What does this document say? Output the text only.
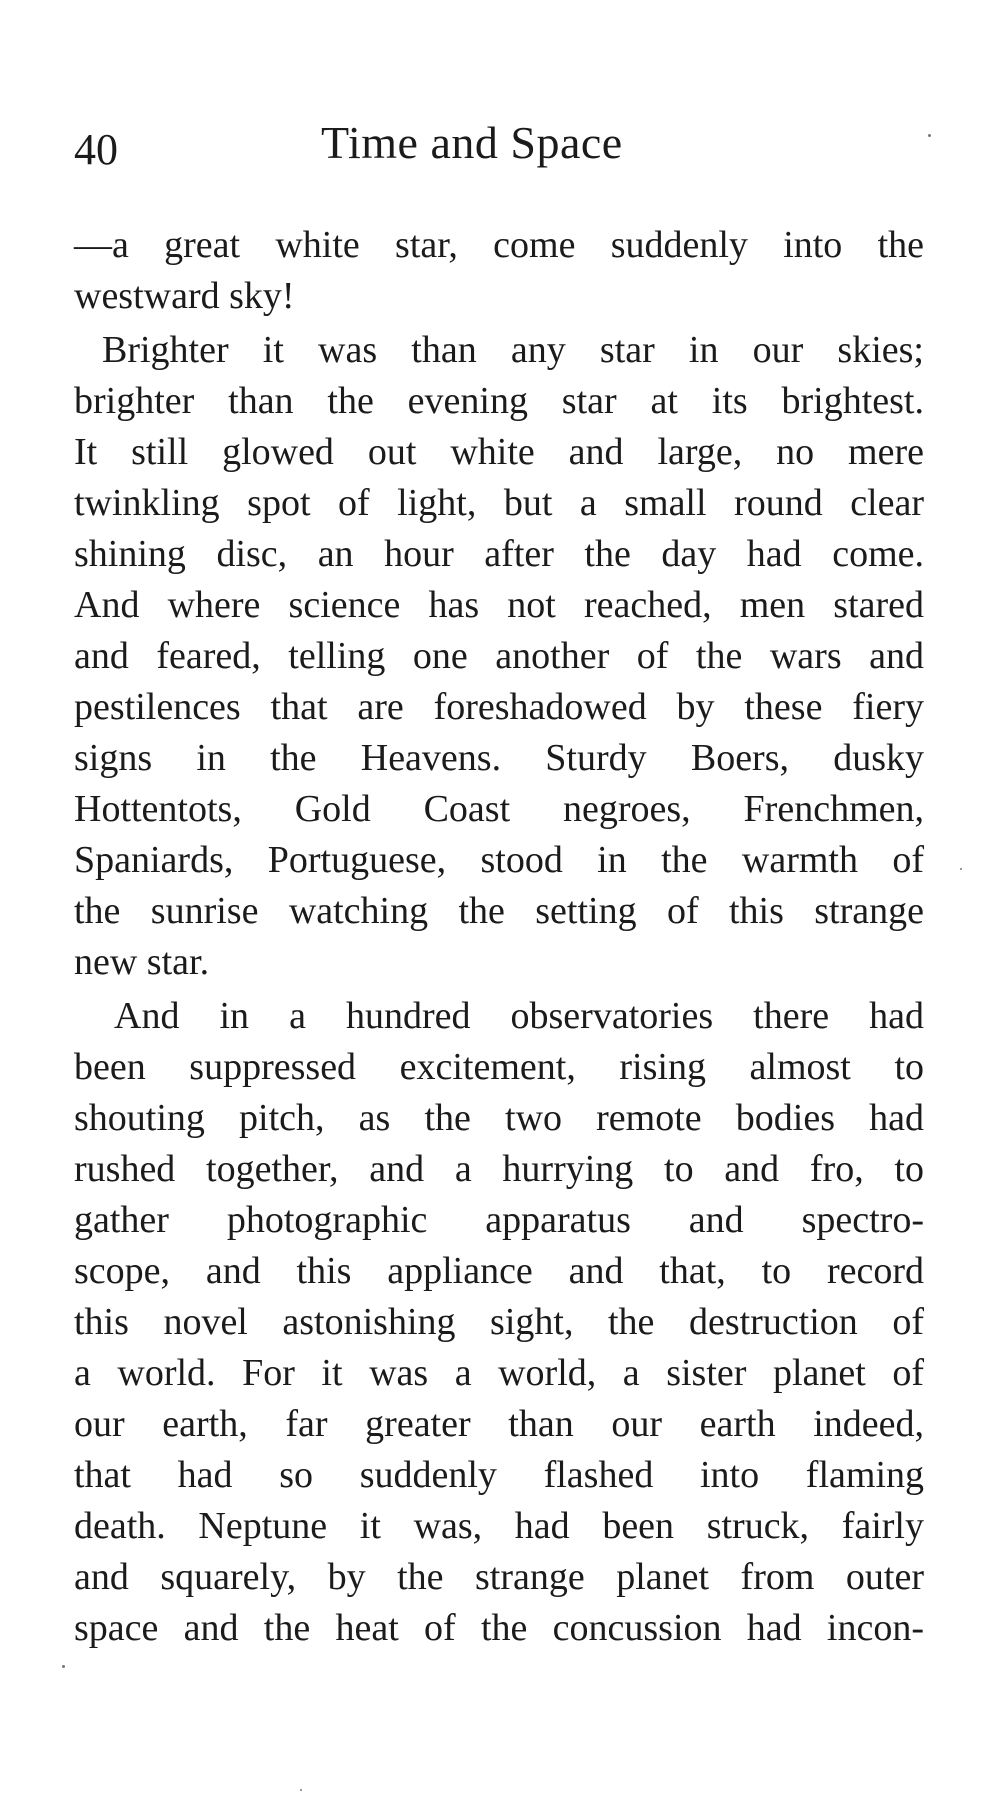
40	Time and Space
—a great white star, come suddenly into the
westward sky!
Brighter it was than any star in our skies;
brighter than the evening star at its brightest.
It still glowed out white and large, no mere
twinkling spot of light, but a small round clear
shining disc, an hour after the day had come.
And where science has not reached, men stared
and feared, telling one another of the wars and
pestilences that are foreshadowed by these fiery
signs in the Heavens. Sturdy Boers, dusky
Hottentots, Gold Coast negroes, Frenchmen,
Spaniards, Portuguese, stood in the warmth of
the sunrise watching the setting of this strange
new star.
And in a hundred observatories there had
been suppressed excitement, rising almost to
shouting pitch, as the two remote bodies had
rushed together, and a hurrying to and fro, to
gather photographic apparatus and spectro-
scope, and this appliance and that, to record
this novel astonishing sight, the destruction of
a world. For it was a world, a sister planet of
our earth, far greater than our earth indeed,
that had so suddenly flashed into flaming
death. Neptune it was, had been struck, fairly
and squarely, by the strange planet from outer
space and the heat of the concussion had incon-
